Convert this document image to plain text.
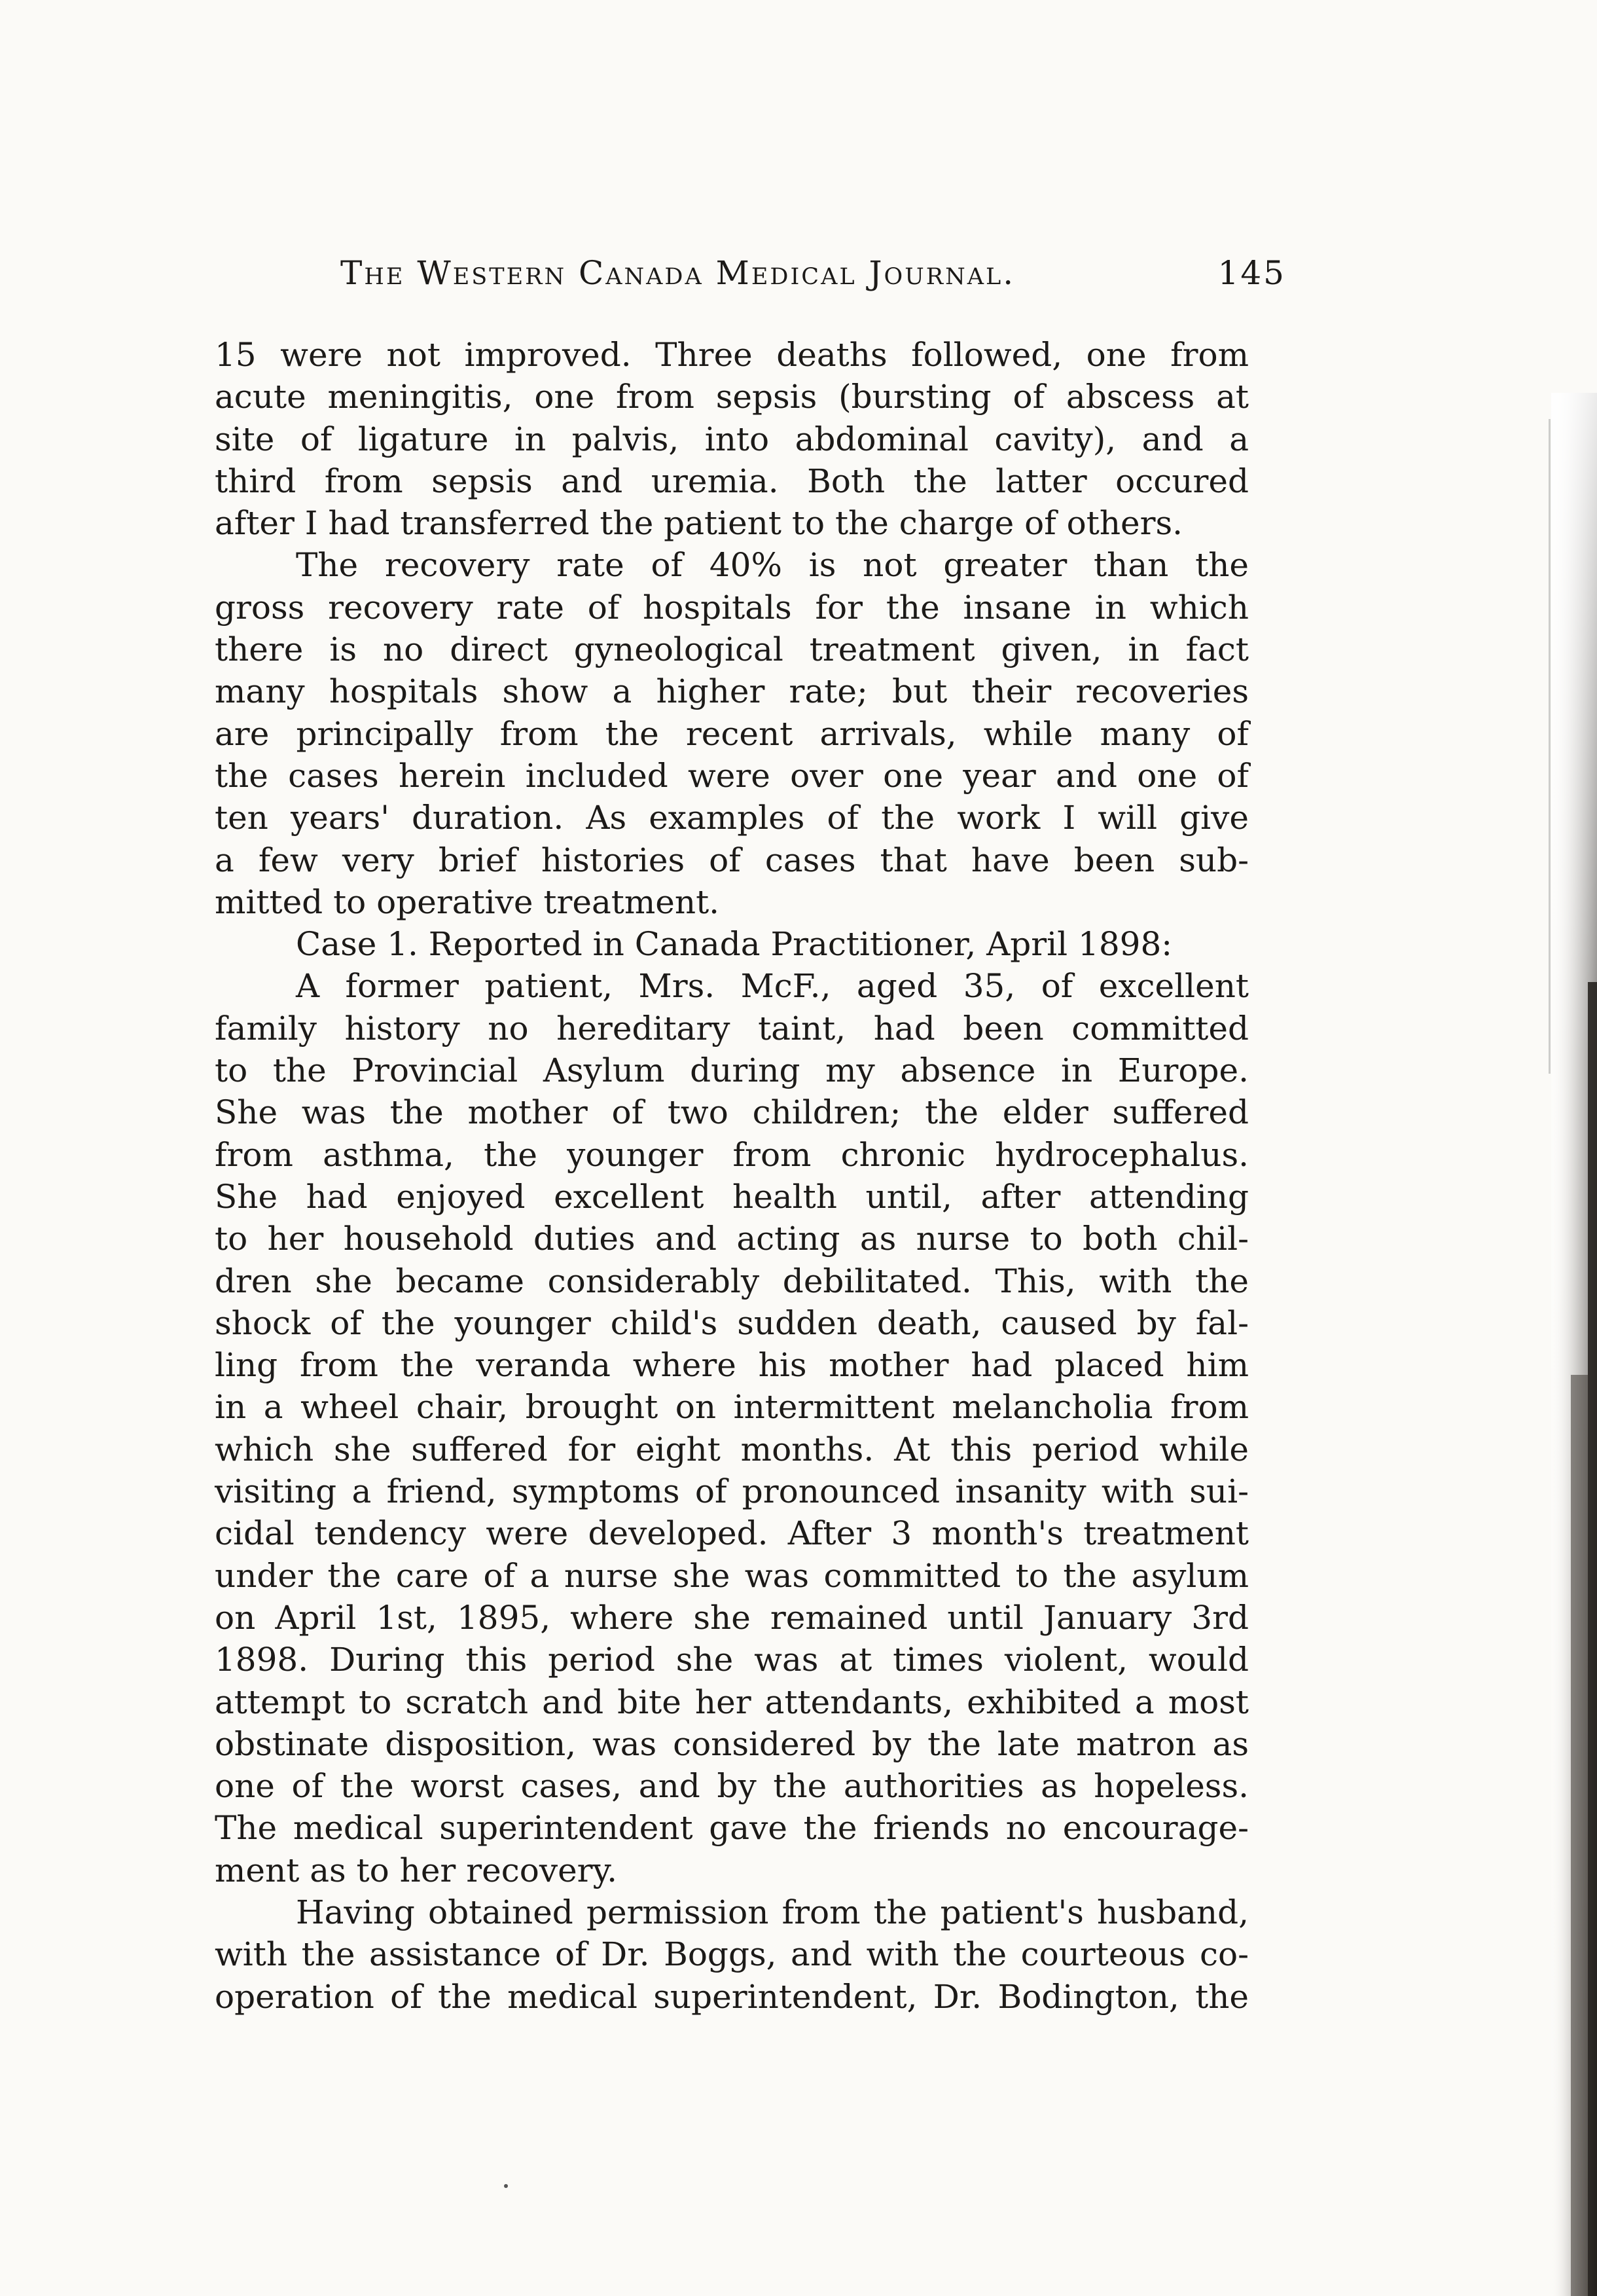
The Western Canada Medical Journal.	145
15 were not improved. Three deaths followed, one from
acute meningitis, one from sepsis (bursting of abscess at
site of ligature in palvis, into abdominal cavity), and a
third from sepsis and uremia. Both the latter occured
after I had transferred the patient to the charge of others.
The recovery rate of 40% is not greater than the
gross recovery rate of hospitals for the insane in which
there is no direct gyneological treatment given, in fact
many hospitals show a higher rate; but their recoveries
are principally from the recent arrivals, while many of
the cases herein included were over one year and one of
ten years' duration. As examples of the work I will give
a few very brief histories of cases that have been sub-
mitted to operative treatment.
Case 1. Reported in Canada Practitioner, April 1898:
A former patient, Mrs. McF., aged 35, of excellent
family history no hereditary taint, had been committed
to the Provincial Asylum during my absence in Europe.
She was the mother of two children; the elder suffered
from asthma, the younger from chronic hydrocephalus.
She had enjoyed excellent health until, after attending
to her household duties and acting as nurse to both chil-
dren she became considerably debilitated. This, with the
shock of the younger child's sudden death, caused by fal-
ling from the veranda where his mother had placed him
in a wheel chair, brought on intermittent melancholia from
which she suffered for eight months. At this period while
visiting a friend, symptoms of pronounced insanity with sui-
cidal tendency were developed. After 3 month's treatment
under the care of a nurse she was committed to the asylum
on April 1st, 1895, where she remained until January 3rd
1898. During this period she was at times violent, would
attempt to scratch and bite her attendants, exhibited a most
obstinate disposition, was considered by the late matron as
one of the worst cases, and by the authorities as hopeless.
The medical superintendent gave the friends no encourage-
ment as to her recovery.
Having obtained permission from the patient's husband,
with the assistance of Dr. Boggs, and with the courteous co-
operation of the medical superintendent, Dr. Bodington, the
